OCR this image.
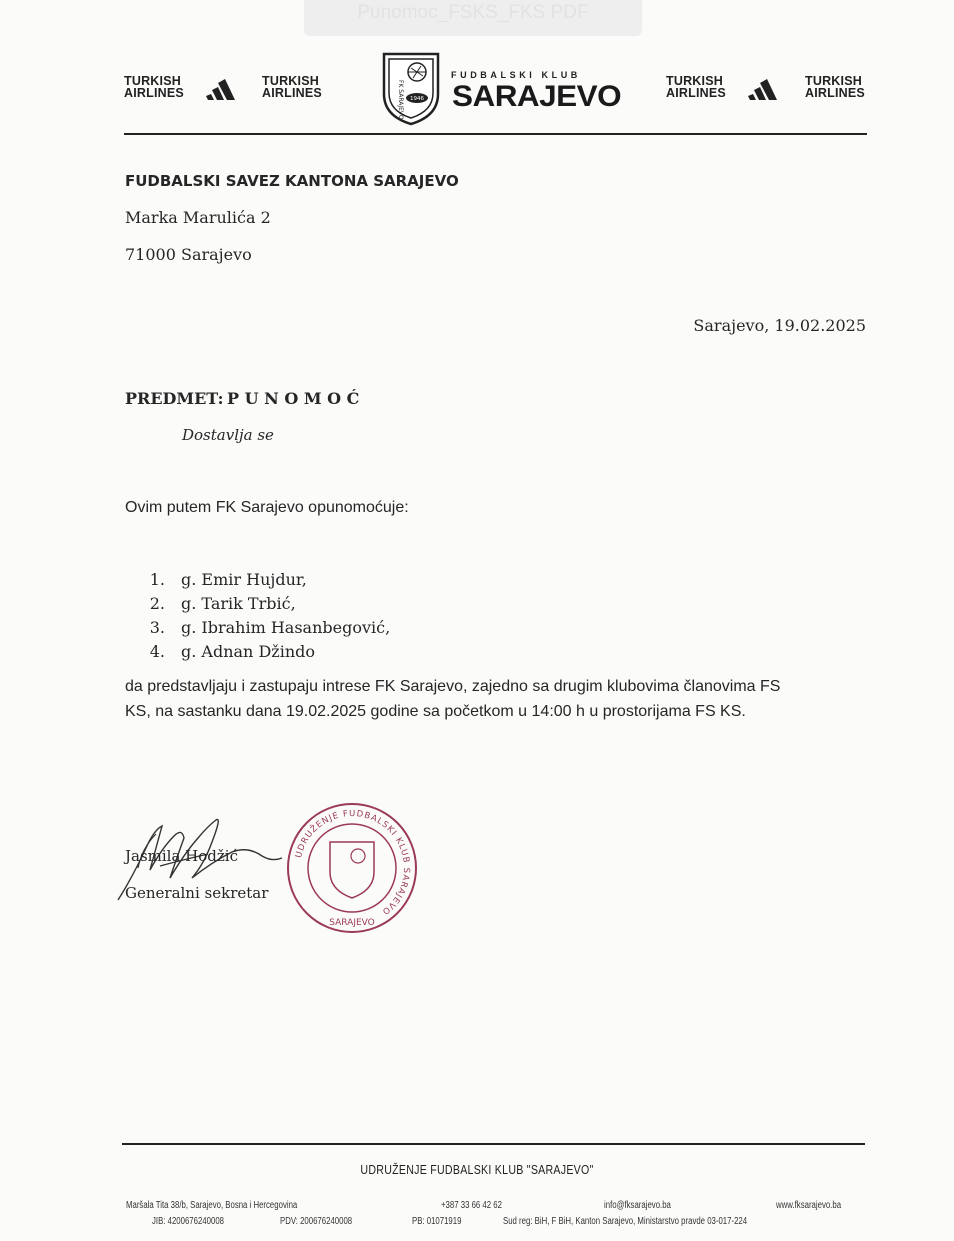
Punomoc_FSKS_FKS PDF
TURKISH
AIRLINES
TURKISH
AIRLINES	FK SARAJEVO 1946
FUDBALSKI KLUB
SARAJEVO	TURKISH
AIRLINES
TURKISH
AIRLINES
FUDBALSKI SAVEZ KANTONA SARAJEVO
Marka Marulića 2
71000 Sarajevo
Sarajevo, 19.02.2025
PREDMET: P U N O M O Ć
Dostavlja se
Ovim putem FK Sarajevo opunomoćuje:
1. g. Emir Hujdur,
2. g. Tarik Trbić,
3. g. Ibrahim Hasanbegović,
4. g. Adnan Džindo
da predstavljaju i zastupaju intrese FK Sarajevo, zajedno sa drugim klubovima članovima FS
KS, na sastanku dana 19.02.2025 godine sa početkom u 14:00 h u prostorijama FS KS.
Jasmila Hodžić
Generalni sekretar
UDRUŽENJE FUDBALSKI KLUB SARAJEVO
SARAJEVO
UDRUŽENJE FUDBALSKI KLUB "SARAJEVO"
Maršala Tita 38/b, Sarajevo, Bosna i Hercegovina	+387 33 66 42 62	info@fksarajevo.ba	www.fksarajevo.ba
JIB: 4200676240008	PDV: 200676240008	PB: 01071919	Sud reg: BiH, F BiH, Kanton Sarajevo, Ministarstvo pravde 03-017-224
